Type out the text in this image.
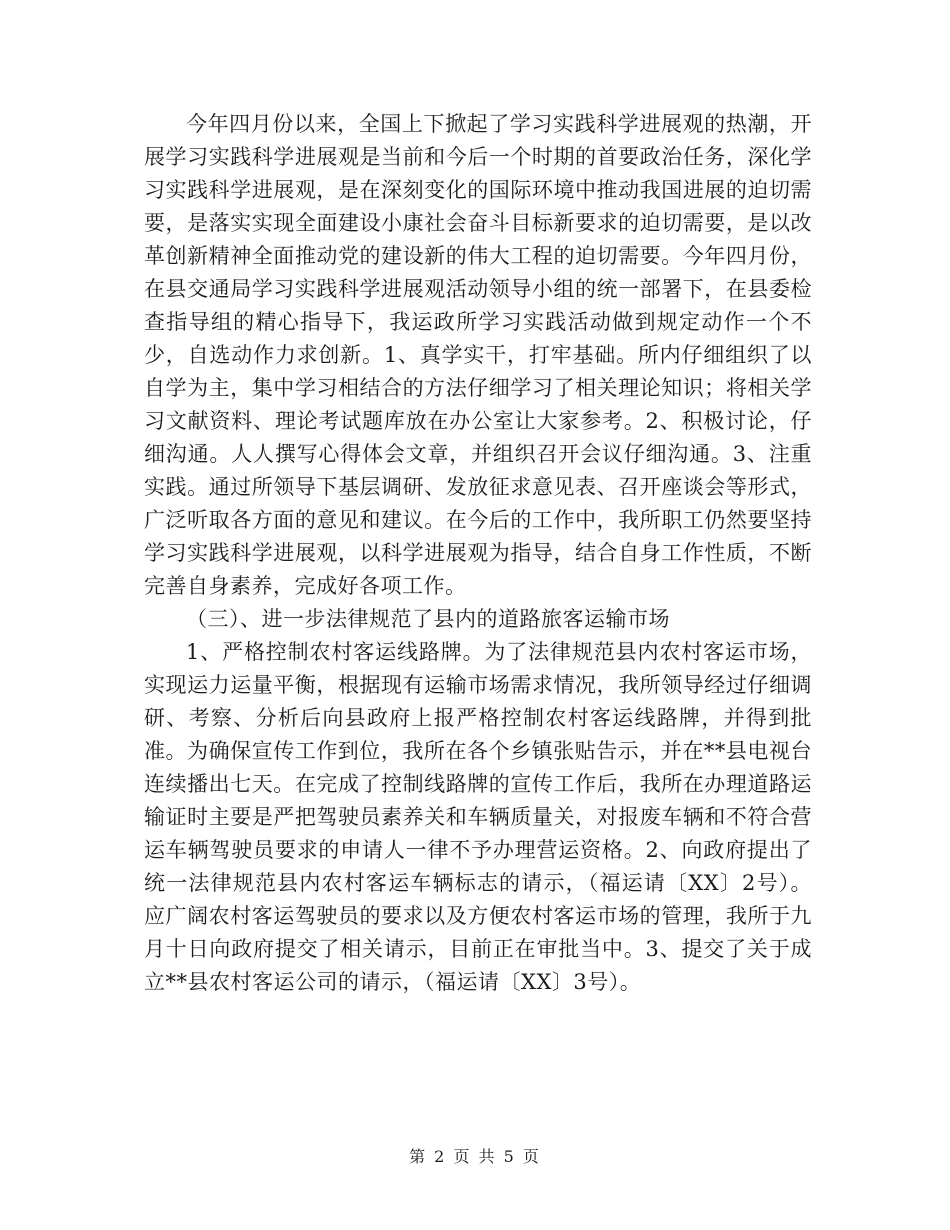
今年四月份以来，全国上下掀起了学习实践科学进展观的热潮，开展学习实践科学进展观是当前和今后一个时期的首要政治任务，深化学习实践科学进展观，是在深刻变化的国际环境中推动我国进展的迫切需要，是落实实现全面建设小康社会奋斗目标新要求的迫切需要，是以改革创新精神全面推动党的建设新的伟大工程的迫切需要。今年四月份，在县交通局学习实践科学进展观活动领导小组的统一部署下，在县委检查指导组的精心指导下，我运政所学习实践活动做到规定动作一个不少，自选动作力求创新。1、真学实干，打牢基础。所内仔细组织了以自学为主，集中学习相结合的方法仔细学习了相关理论知识；将相关学习文献资料、理论考试题库放在办公室让大家参考。2、积极讨论，仔细沟通。人人撰写心得体会文章，并组织召开会议仔细沟通。3、注重实践。通过所领导下基层调研、发放征求意见表、召开座谈会等形式，广泛听取各方面的意见和建议。在今后的工作中，我所职工仍然要坚持学习实践科学进展观，以科学进展观为指导，结合自身工作性质，不断完善自身素养，完成好各项工作。

（三）、进一步法律规范了县内的道路旅客运输市场

1、严格控制农村客运线路牌。为了法律规范县内农村客运市场，实现运力运量平衡，根据现有运输市场需求情况，我所领导经过仔细调研、考察、分析后向县政府上报严格控制农村客运线路牌，并得到批准。为确保宣传工作到位，我所在各个乡镇张贴告示，并在**县电视台连续播出七天。在完成了控制线路牌的宣传工作后，我所在办理道路运输证时主要是严把驾驶员素养关和车辆质量关，对报废车辆和不符合营运车辆驾驶员要求的申请人一律不予办理营运资格。2、向政府提出了统一法律规范县内农村客运车辆标志的请示，（福运请〔XX〕2号）。应广阔农村客运驾驶员的要求以及方便农村客运市场的管理，我所于九月十日向政府提交了相关请示，目前正在审批当中。3、提交了关于成立**县农村客运公司的请示，（福运请〔XX〕3号）。

第 2 页 共 5 页
